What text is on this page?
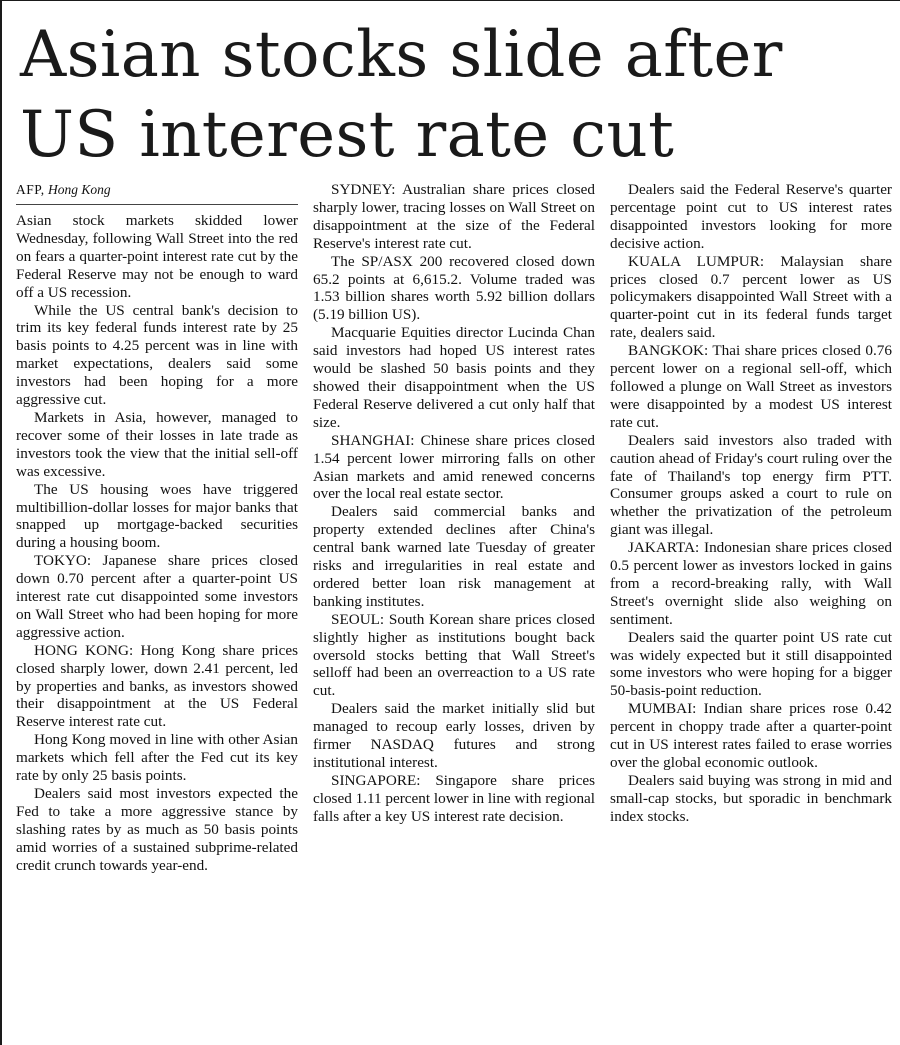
Asian stocks slide after
US interest rate cut
AFP, Hong Kong

Asian stock markets skidded lower Wednesday, following Wall Street into the red on fears a quarter-point interest rate cut by the Federal Reserve may not be enough to ward off a US recession.

While the US central bank's decision to trim its key federal funds interest rate by 25 basis points to 4.25 percent was in line with market expectations, dealers said some investors had been hoping for a more aggressive cut.

Markets in Asia, however, managed to recover some of their losses in late trade as investors took the view that the initial sell-off was excessive.

The US housing woes have triggered multibillion-dollar losses for major banks that snapped up mortgage-backed securities during a housing boom.

TOKYO: Japanese share prices closed down 0.70 percent after a quarter-point US interest rate cut disappointed some investors on Wall Street who had been hoping for more aggressive action.

HONG KONG: Hong Kong share prices closed sharply lower, down 2.41 percent, led by properties and banks, as investors showed their disappointment at the US Federal Reserve interest rate cut.

Hong Kong moved in line with other Asian markets which fell after the Fed cut its key rate by only 25 basis points.

Dealers said most investors expected the Fed to take a more aggressive stance by slashing rates by as much as 50 basis points amid worries of a sustained subprime-related credit crunch towards year-end.

SYDNEY: Australian share prices closed sharply lower, tracing losses on Wall Street on disappointment at the size of the Federal Reserve's interest rate cut.

The SP/ASX 200 recovered closed down 65.2 points at 6,615.2. Volume traded was 1.53 billion shares worth 5.92 billion dollars (5.19 billion US).

Macquarie Equities director Lucinda Chan said investors had hoped US interest rates would be slashed 50 basis points and they showed their disappointment when the US Federal Reserve delivered a cut only half that size.

SHANGHAI: Chinese share prices closed 1.54 percent lower mirroring falls on other Asian markets and amid renewed concerns over the local real estate sector.

Dealers said commercial banks and property extended declines after China's central bank warned late Tuesday of greater risks and irregularities in real estate and ordered better loan risk management at banking institutes.

SEOUL: South Korean share prices closed slightly higher as institutions bought back oversold stocks betting that Wall Street's selloff had been an overreaction to a US rate cut.

Dealers said the market initially slid but managed to recoup early losses, driven by firmer NASDAQ futures and strong institutional interest.

SINGAPORE: Singapore share prices closed 1.11 percent lower in line with regional falls after a key US interest rate decision.

Dealers said the Federal Reserve's quarter percentage point cut to US interest rates disappointed investors looking for more decisive action.

KUALA LUMPUR: Malaysian share prices closed 0.7 percent lower as US policymakers disappointed Wall Street with a quarter-point cut in its federal funds target rate, dealers said.

BANGKOK: Thai share prices closed 0.76 percent lower on a regional sell-off, which followed a plunge on Wall Street as investors were disappointed by a modest US interest rate cut.

Dealers said investors also traded with caution ahead of Friday's court ruling over the fate of Thailand's top energy firm PTT. Consumer groups asked a court to rule on whether the privatization of the petroleum giant was illegal.

JAKARTA: Indonesian share prices closed 0.5 percent lower as investors locked in gains from a record-breaking rally, with Wall Street's overnight slide also weighing on sentiment.

Dealers said the quarter point US rate cut was widely expected but it still disappointed some investors who were hoping for a bigger 50-basis-point reduction.

MUMBAI: Indian share prices rose 0.42 percent in choppy trade after a quarter-point cut in US interest rates failed to erase worries over the global economic outlook.

Dealers said buying was strong in mid and small-cap stocks, but sporadic in benchmark index stocks.
